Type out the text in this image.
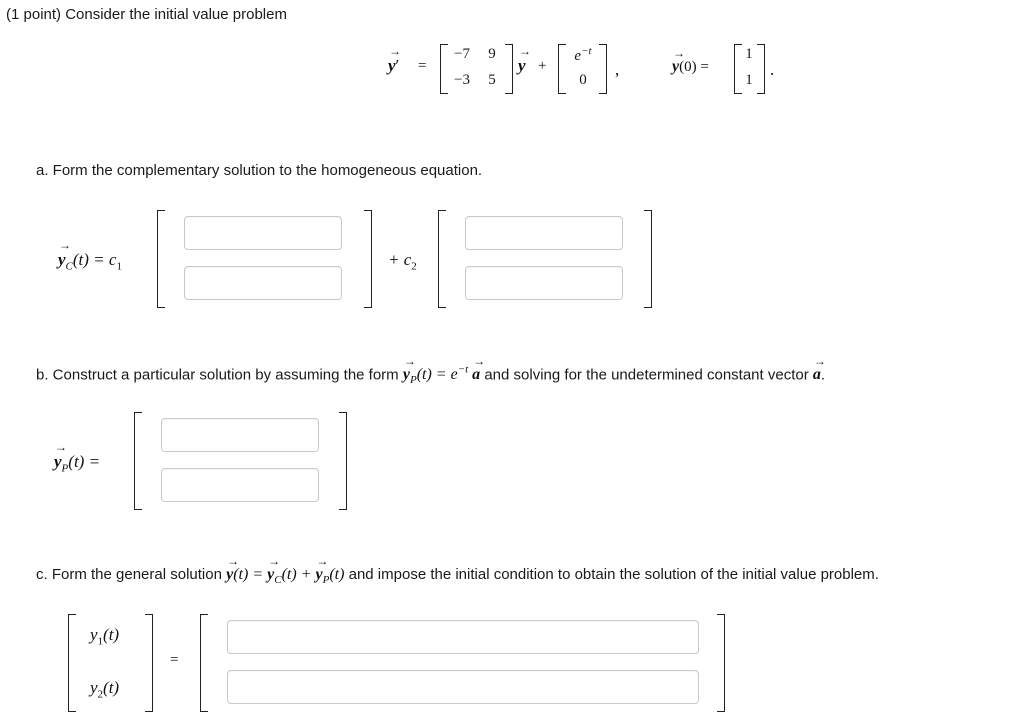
(1 point) Consider the initial value problem
→ y′ =
−7	9
−3	5
→ y +
$e^{-t}$
0
,	→ y(0) =
1
1
.
a. Form the complementary solution to the homogeneous equation.
→ $y_C(t) = c_1$	+ $c_2$
b. Construct a particular solution by assuming the form → $y_P(t) = e^{-t} \to a$ and solving for the undetermined constant vector → a.
→ $y_P(t)$ =
c. Form the general solution → y(t) = → $y_C(t)$ + → $y_P(t)$ and impose the initial condition to obtain the solution of the initial value problem.
$y_1(t)$
$y_2(t)$
=
